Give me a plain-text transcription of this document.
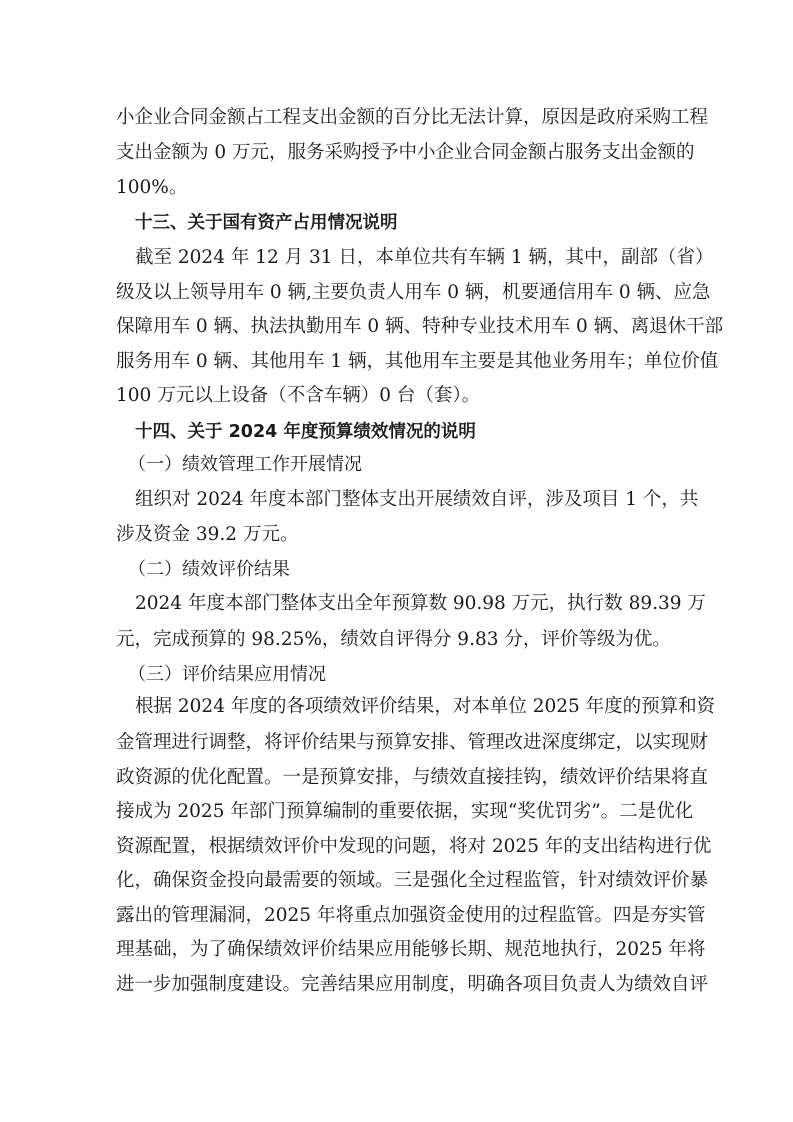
小企业合同金额占工程支出金额的百分比无法计算，原因是政府采购工程
支出金额为 0 万元，服务采购授予中小企业合同金额占服务支出金额的
100%。
十三、关于国有资产占用情况说明
截至 2024 年 12 月 31 日，本单位共有车辆 1 辆，其中，副部（省）
级及以上领导用车 0 辆,主要负责人用车 0 辆，机要通信用车 0 辆、应急
保障用车 0 辆、执法执勤用车 0 辆、特种专业技术用车 0 辆、离退休干部
服务用车 0 辆、其他用车 1 辆，其他用车主要是其他业务用车；单位价值
100 万元以上设备（不含车辆）0 台（套）。
十四、关于 2024 年度预算绩效情况的说明
（一）绩效管理工作开展情况
组织对 2024 年度本部门整体支出开展绩效自评，涉及项目 1 个，共
涉及资金 39.2 万元。
（二）绩效评价结果
2024 年度本部门整体支出全年预算数 90.98 万元，执行数 89.39 万
元，完成预算的 98.25%，绩效自评得分 9.83 分，评价等级为优。
（三）评价结果应用情况
根据 2024 年度的各项绩效评价结果，对本单位 2025 年度的预算和资
金管理进行调整，将评价结果与预算安排、管理改进深度绑定，以实现财
政资源的优化配置。一是预算安排，与绩效直接挂钩，绩效评价结果将直
接成为 2025 年部门预算编制的重要依据，实现“奖优罚劣”。二是优化
资源配置，根据绩效评价中发现的问题，将对 2025 年的支出结构进行优
化，确保资金投向最需要的领域。三是强化全过程监管，针对绩效评价暴
露出的管理漏洞，2025 年将重点加强资金使用的过程监管。四是夯实管
理基础，为了确保绩效评价结果应用能够长期、规范地执行，2025 年将
进一步加强制度建设。完善结果应用制度，明确各项目负责人为绩效自评
